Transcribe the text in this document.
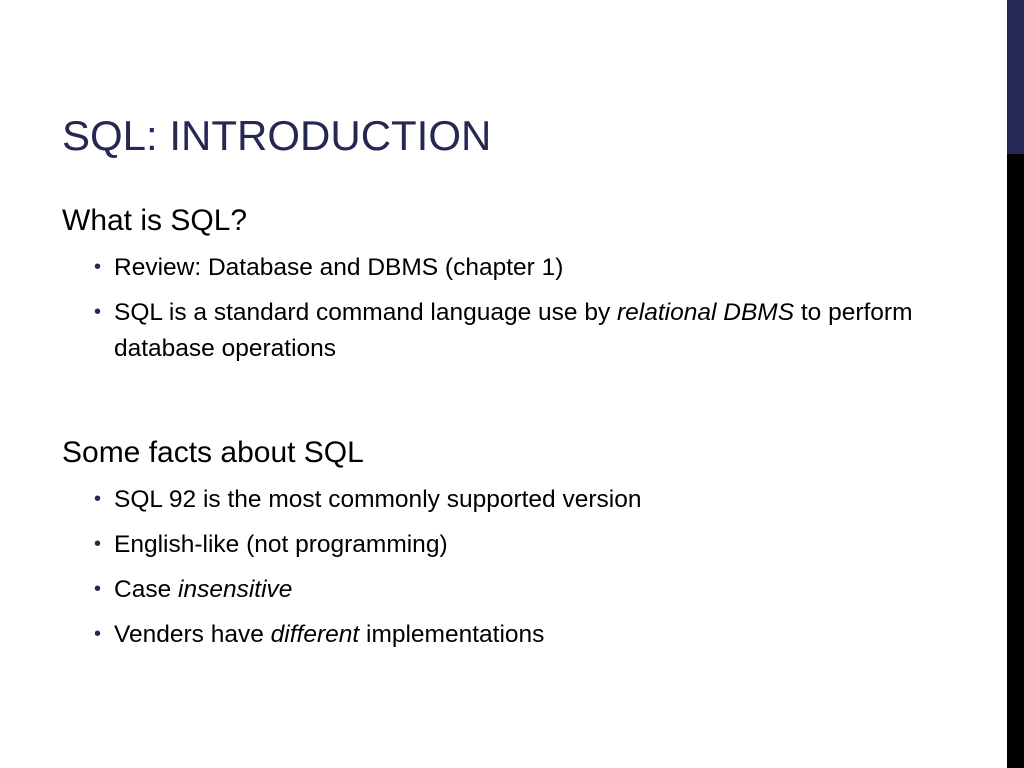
SQL: INTRODUCTION

What is SQL?

• Review: Database and DBMS (chapter 1)
• SQL is a standard command language use by relational DBMS to perform database operations

Some facts about SQL

• SQL 92 is the most commonly supported version
• English-like (not programming)
• Case insensitive
• Venders have different implementations
